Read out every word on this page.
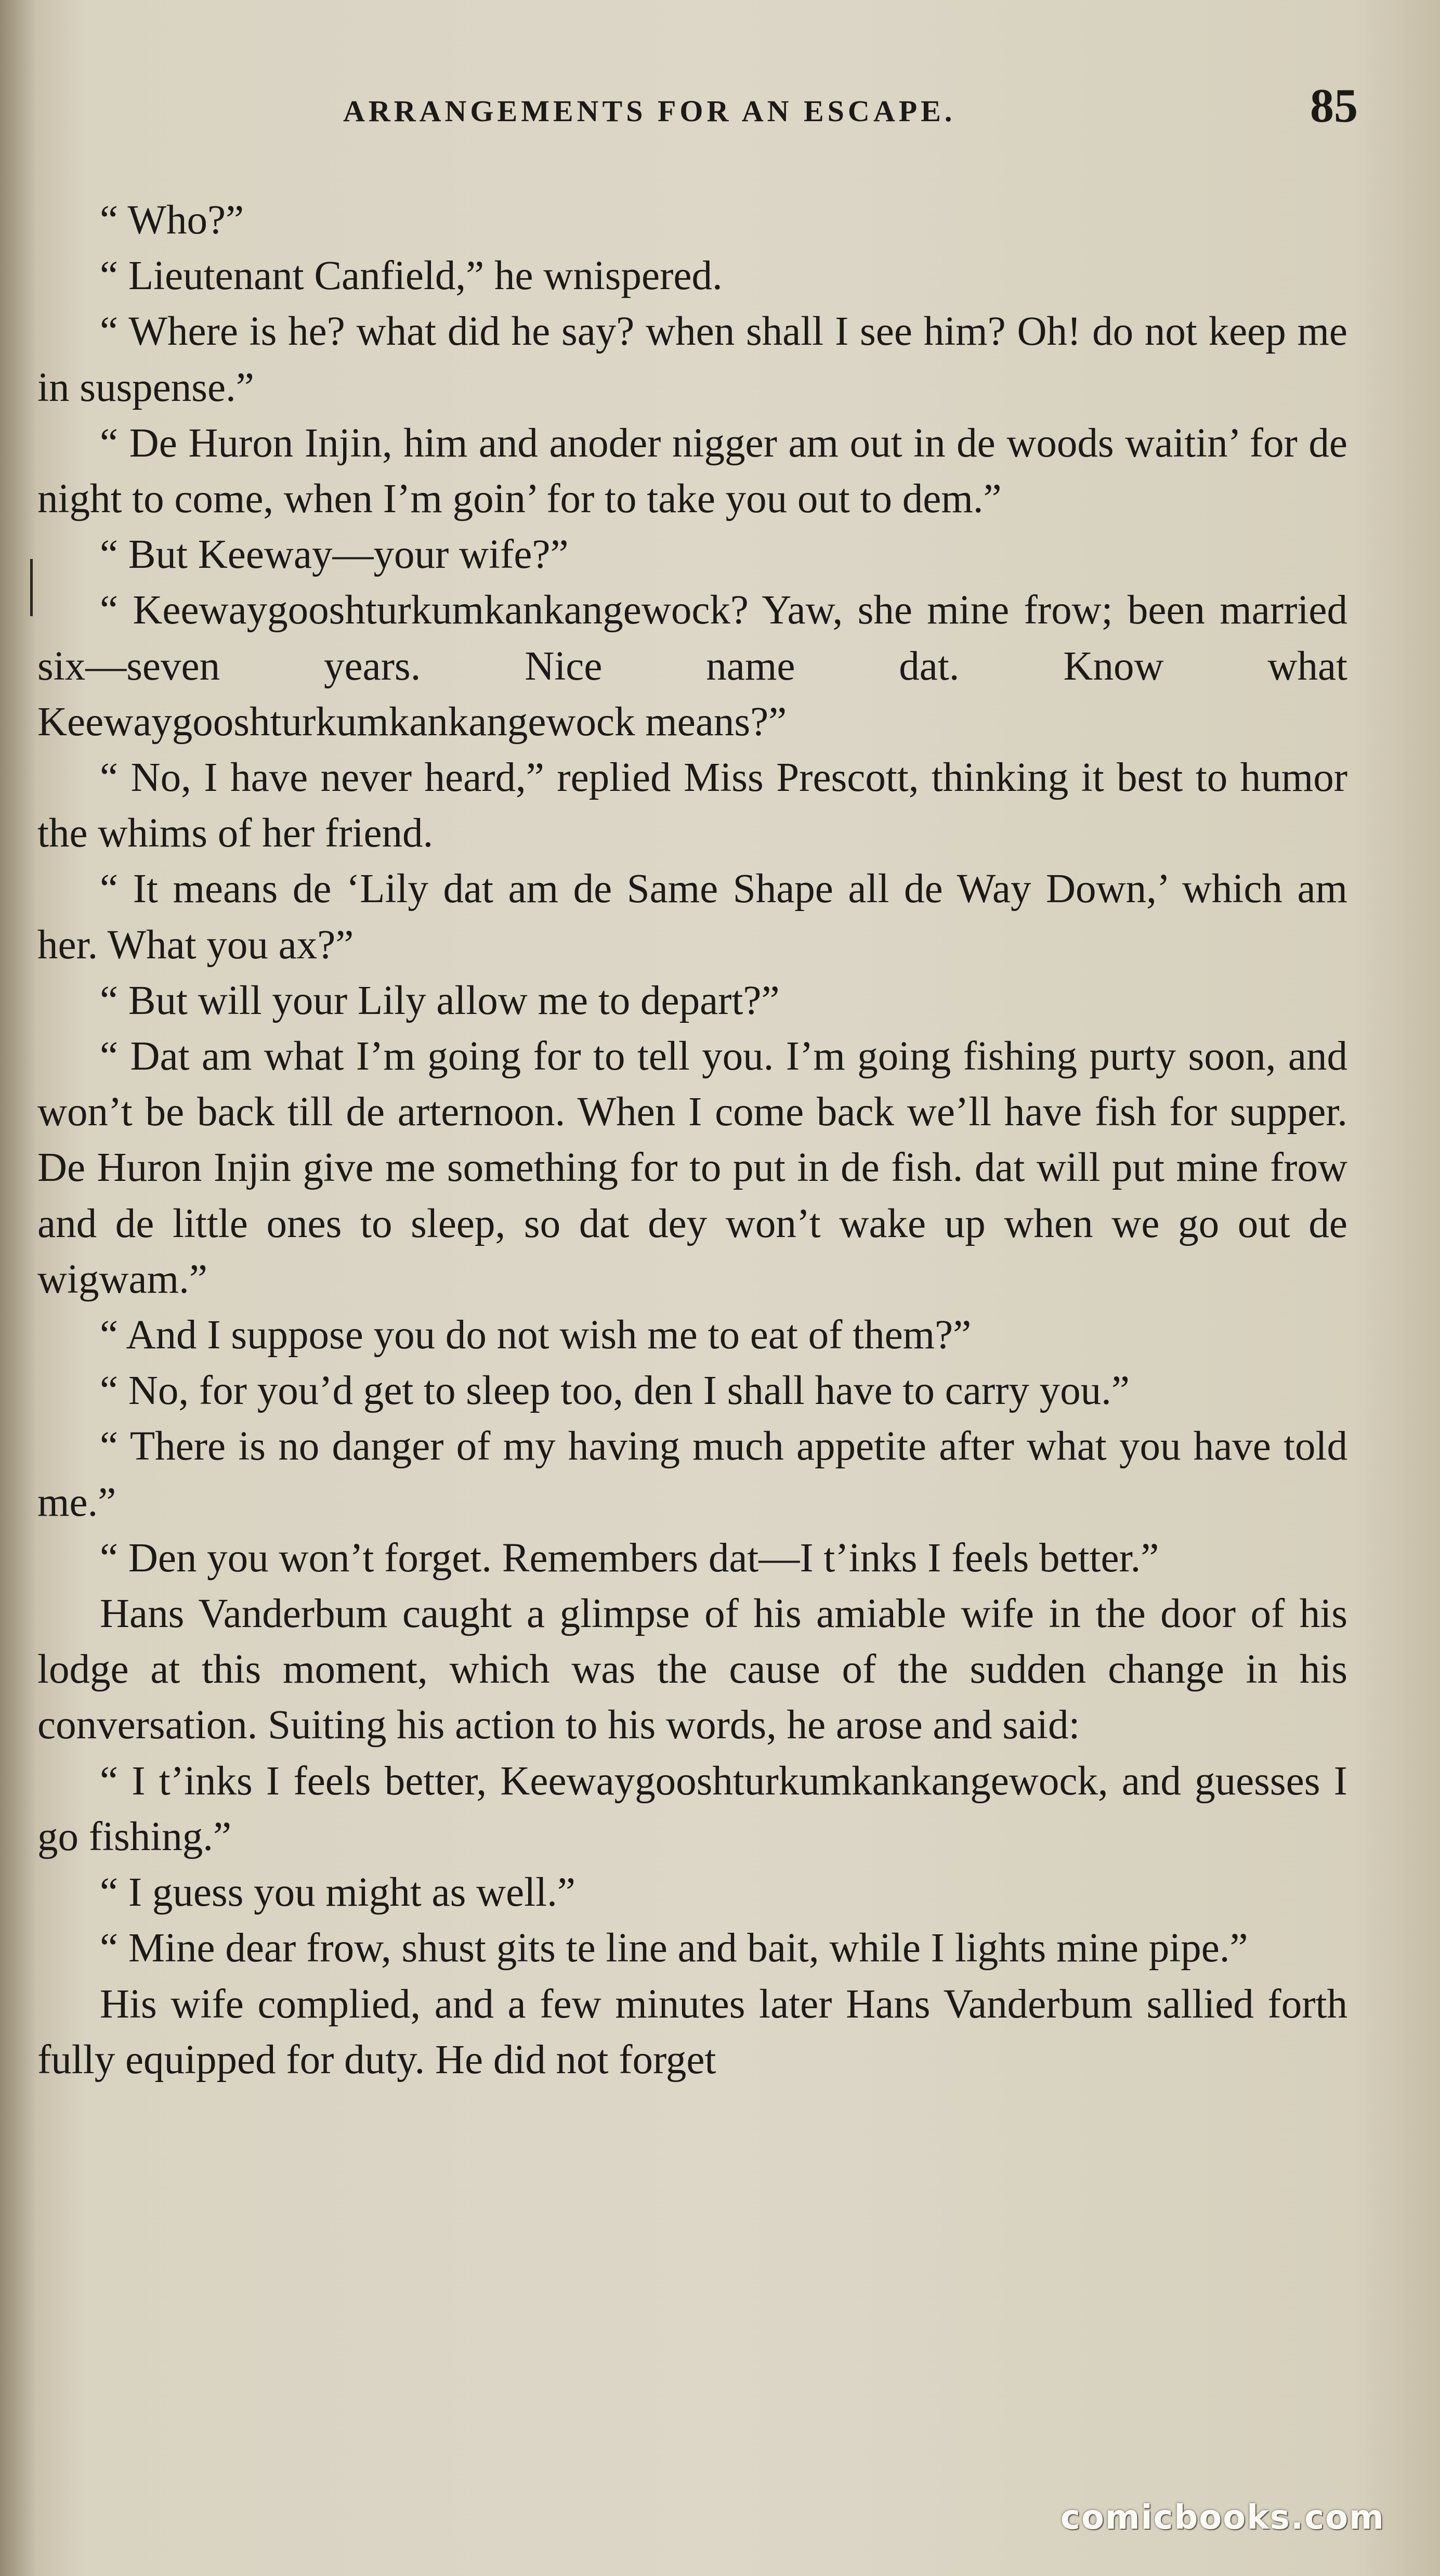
ARRANGEMENTS FOR AN ESCAPE.	85

“ Who?”

“ Lieutenant Canfield,” he wnispered.

“ Where is he? what did he say? when shall I see him? Oh! do not keep me in suspense.”

“ De Huron Injin, him and anoder nigger am out in de woods waitin’ for de night to come, when I’m goin’ for to take you out to dem.”

“ But Keeway—your wife?”

“ Keewaygooshturkumkankangewock? Yaw, she mine frow; been married six—seven years. Nice name dat. Know what Keewaygooshturkumkankangewock means?”

“ No, I have never heard,” replied Miss Prescott, thinking it best to humor the whims of her friend.

“ It means de ‘Lily dat am de Same Shape all de Way Down,’ which am her. What you ax?”

“ But will your Lily allow me to depart?”

“ Dat am what I’m going for to tell you. I’m going fishing purty soon, and won’t be back till de arternoon. When I come back we’ll have fish for supper. De Huron Injin give me something for to put in de fish. dat will put mine frow and de little ones to sleep, so dat dey won’t wake up when we go out de wigwam.”

“ And I suppose you do not wish me to eat of them?”

“ No, for you’d get to sleep too, den I shall have to carry you.”

“ There is no danger of my having much appetite after what you have told me.”

“ Den you won’t forget. Remembers dat—I t’inks I feels better.”

Hans Vanderbum caught a glimpse of his amiable wife in the door of his lodge at this moment, which was the cause of the sudden change in his conversation. Suiting his action to his words, he arose and said:

“ I t’inks I feels better, Keewaygooshturkumkankangewock, and guesses I go fishing.”

“ I guess you might as well.”

“ Mine dear frow, shust gits te line and bait, while I lights mine pipe.”

His wife complied, and a few minutes later Hans Vanderbum sallied forth fully equipped for duty. He did not forget

comicbooks.com
